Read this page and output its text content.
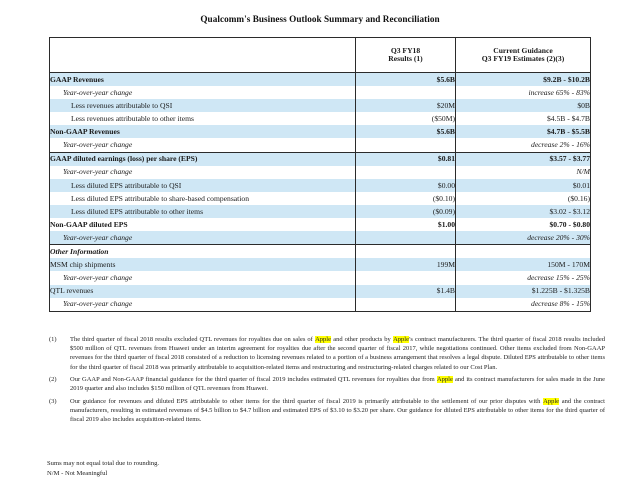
Qualcomm's Business Outlook Summary and Reconciliation

Q3 FY18
Results (1)

Current Guidance
Q3 FY19 Estimates (2)(3)

GAAP Revenues	$5.6B	$9.2B - $10.2B
Year-over-year change		increase 65% - 83%
Less revenues attributable to QSI	$20M	$0B
Less revenues attributable to other items	($50M)	$4.5B - $4.7B
Non-GAAP Revenues	$5.6B	$4.7B - $5.5B
Year-over-year change		decrease 2% - 16%
GAAP diluted earnings (loss) per share (EPS)	$0.81	$3.57 - $3.77
Year-over-year change		N/M
Less diluted EPS attributable to QSI	$0.00	$0.01
Less diluted EPS attributable to share-based compensation	($0.10)	($0.16)
Less diluted EPS attributable to other items	($0.09)	$3.02 - $3.12
Non-GAAP diluted EPS	$1.00	$0.70 - $0.80
Year-over-year change		decrease 20% - 30%
Other Information		
MSM chip shipments	199M	150M - 170M
Year-over-year change		decrease 15% - 25%
QTL revenues	$1.4B	$1.225B - $1.325B
Year-over-year change		decrease 8% - 15%
(1)	The third quarter of fiscal 2018 results excluded QTL revenues for royalties due on sales of Apple and other products by Apple's contract manufacturers. The third quarter of fiscal 2018 results included $500 million of QTL revenues from Huawei under an interim agreement for royalties due after the second quarter of fiscal 2017, while negotiations continued. Other items excluded from Non-GAAP revenues for the third quarter of fiscal 2018 consisted of a reduction to licensing revenues related to a portion of a business arrangement that resolves a legal dispute. Diluted EPS attributable to other items for the third quarter of fiscal 2018 was primarily attributable to acquisition-related items and restructuring and restructuring-related charges related to our Cost Plan.
(2)	Our GAAP and Non-GAAP financial guidance for the third quarter of fiscal 2019 includes estimated QTL revenues for royalties due from Apple and its contract manufacturers for sales made in the June 2019 quarter and also includes $150 million of QTL revenues from Huawei.
(3)	Our guidance for revenues and diluted EPS attributable to other items for the third quarter of fiscal 2019 is primarily attributable to the settlement of our prior disputes with Apple and the contract manufacturers, resulting in estimated revenues of $4.5 billion to $4.7 billion and estimated EPS of $3.10 to $3.20 per share. Our guidance for diluted EPS attributable to other items for the third quarter of fiscal 2019 also includes acquisition-related items.
Sums may not equal total due to rounding.
N/M - Not Meaningful
